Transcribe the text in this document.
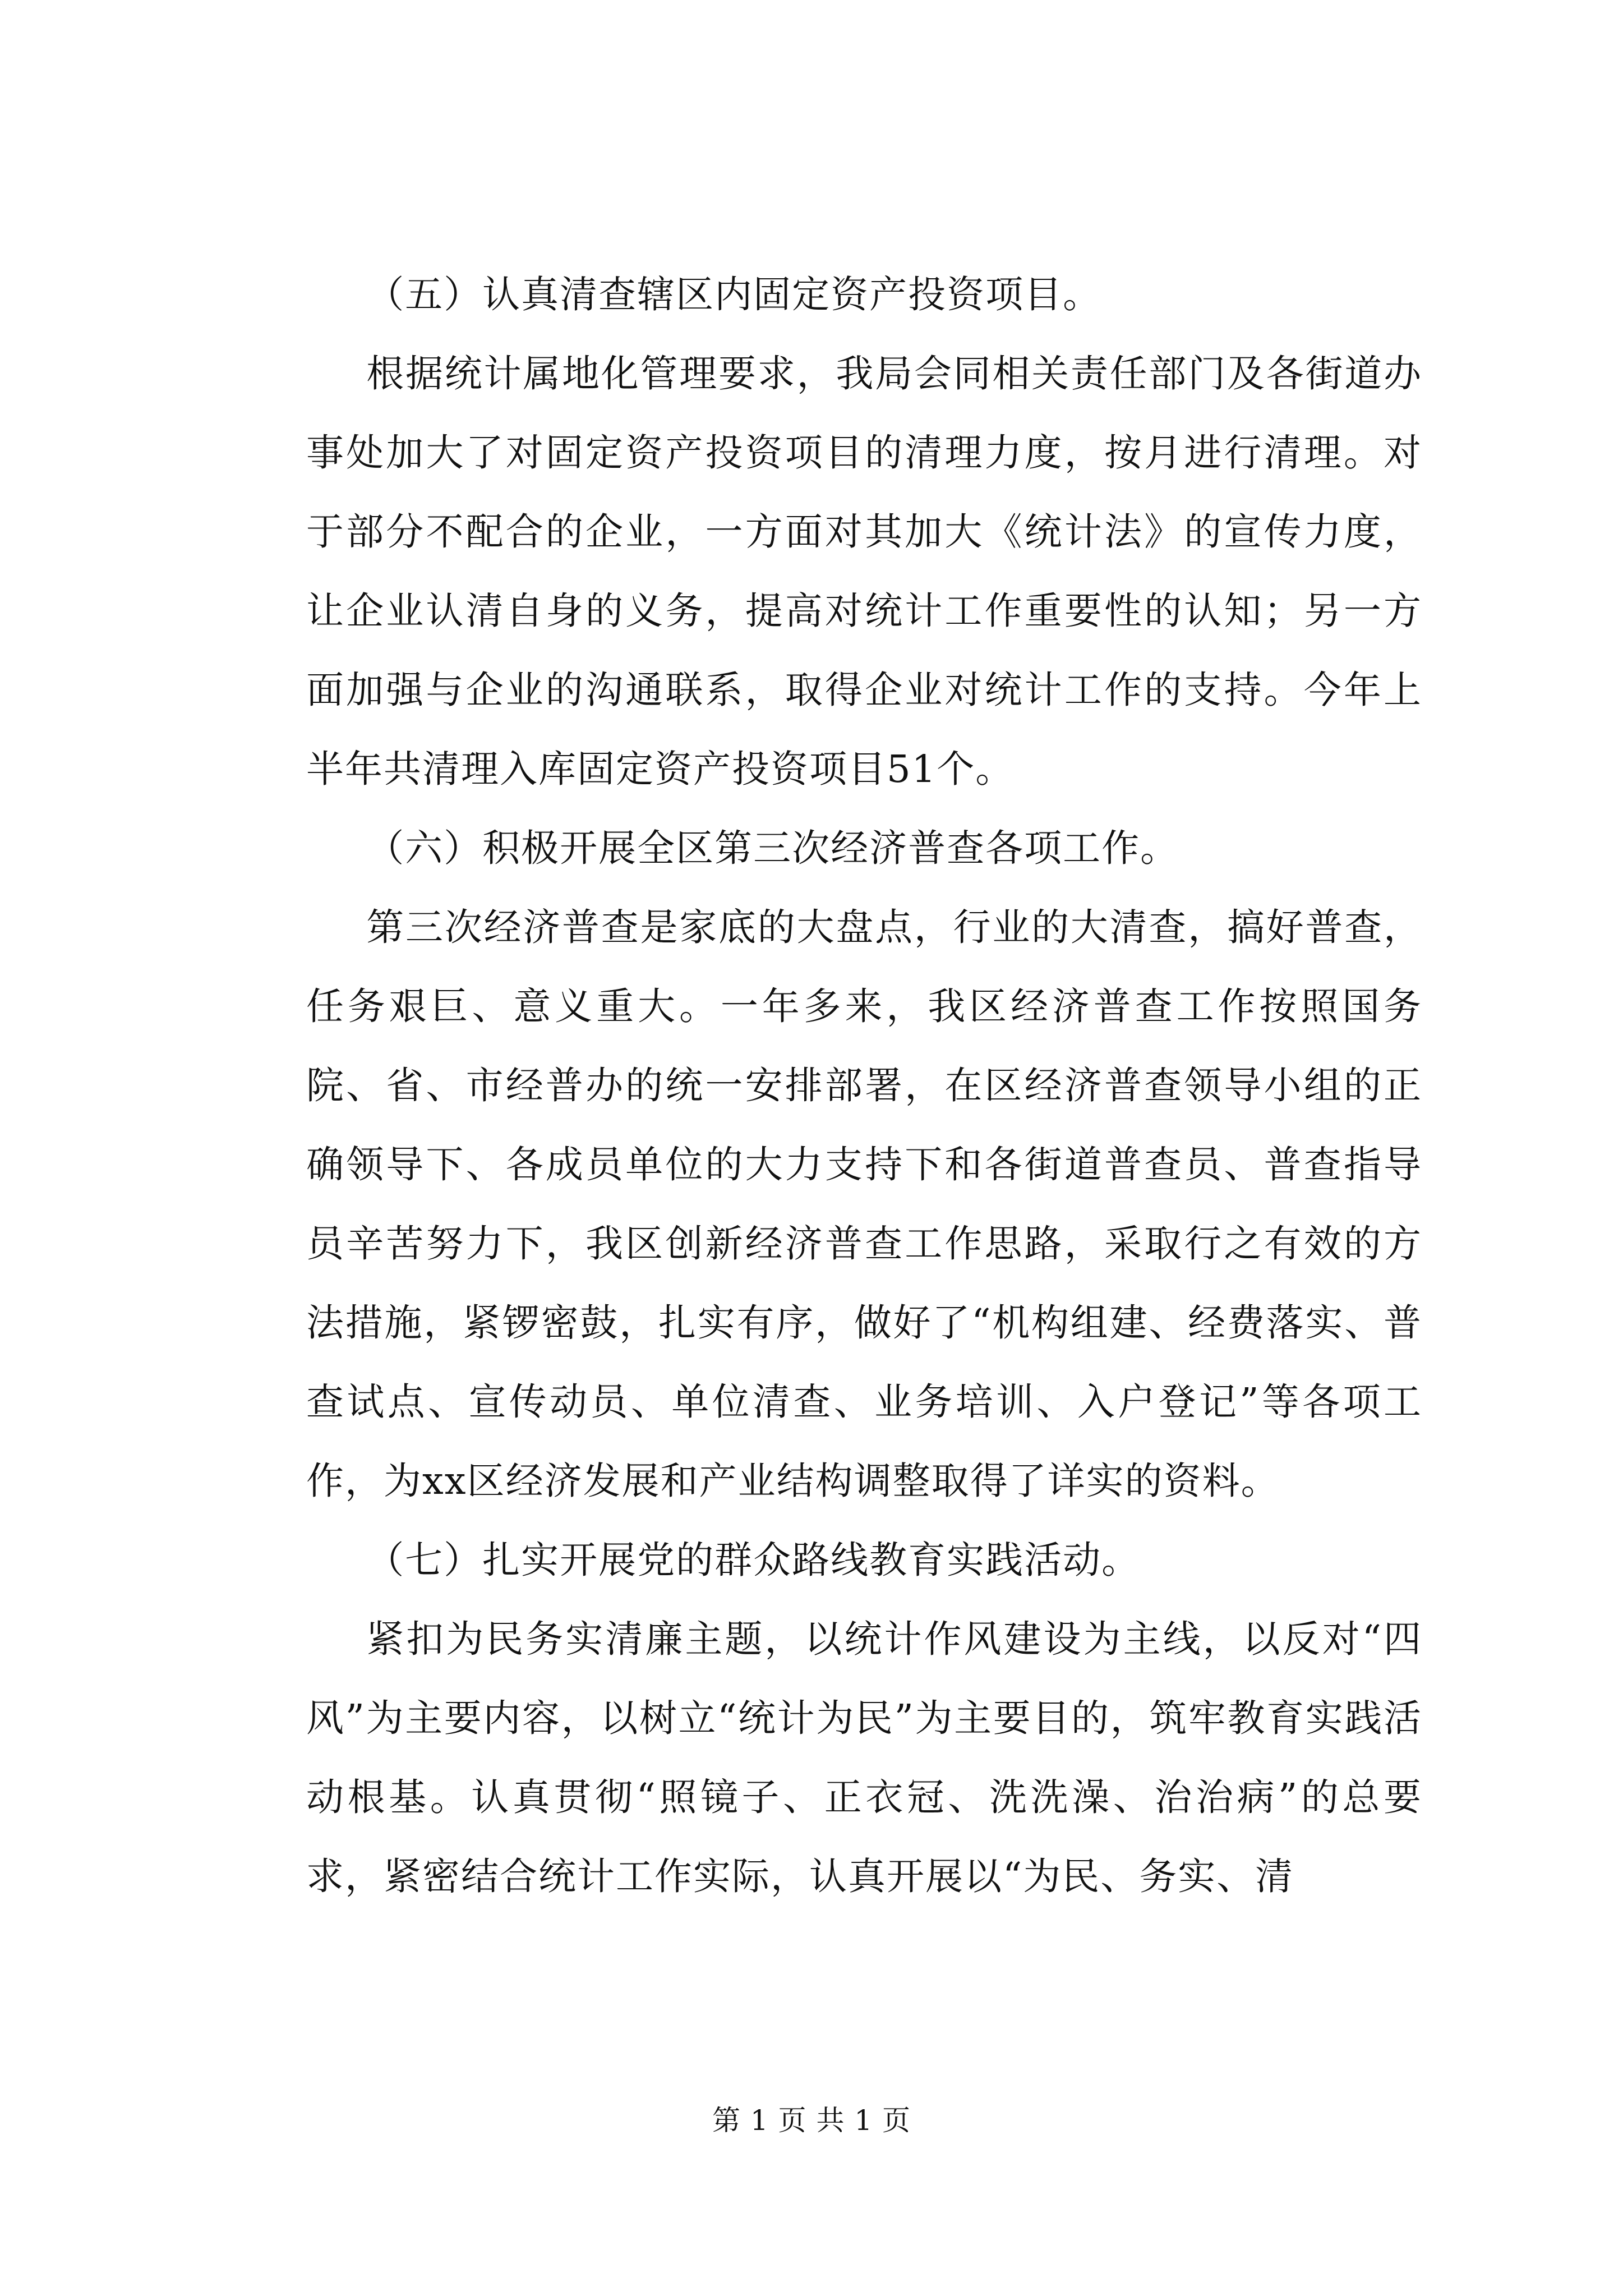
（五）认真清查辖区内固定资产投资项目。

根据统计属地化管理要求，我局会同相关责任部门及各街道办事处加大了对固定资产投资项目的清理力度，按月进行清理。对于部分不配合的企业，一方面对其加大《统计法》的宣传力度，让企业认清自身的义务，提高对统计工作重要性的认知；另一方面加强与企业的沟通联系，取得企业对统计工作的支持。今年上半年共清理入库固定资产投资项目51个。

（六）积极开展全区第三次经济普查各项工作。

第三次经济普查是家底的大盘点，行业的大清查，搞好普查，任务艰巨、意义重大。一年多来，我区经济普查工作按照国务院、省、市经普办的统一安排部署，在区经济普查领导小组的正确领导下、各成员单位的大力支持下和各街道普查员、普查指导员辛苦努力下，我区创新经济普查工作思路，采取行之有效的方法措施，紧锣密鼓，扎实有序，做好了“机构组建、经费落实、普查试点、宣传动员、单位清查、业务培训、入户登记”等各项工作，为xx区经济发展和产业结构调整取得了详实的资料。

（七）扎实开展党的群众路线教育实践活动。

紧扣为民务实清廉主题，以统计作风建设为主线，以反对“四风”为主要内容，以树立“统计为民”为主要目的，筑牢教育实践活动根基。认真贯彻“照镜子、正衣冠、洗洗澡、治治病”的总要求，紧密结合统计工作实际，认真开展以“为民、务实、清

第 1 页 共 1 页
